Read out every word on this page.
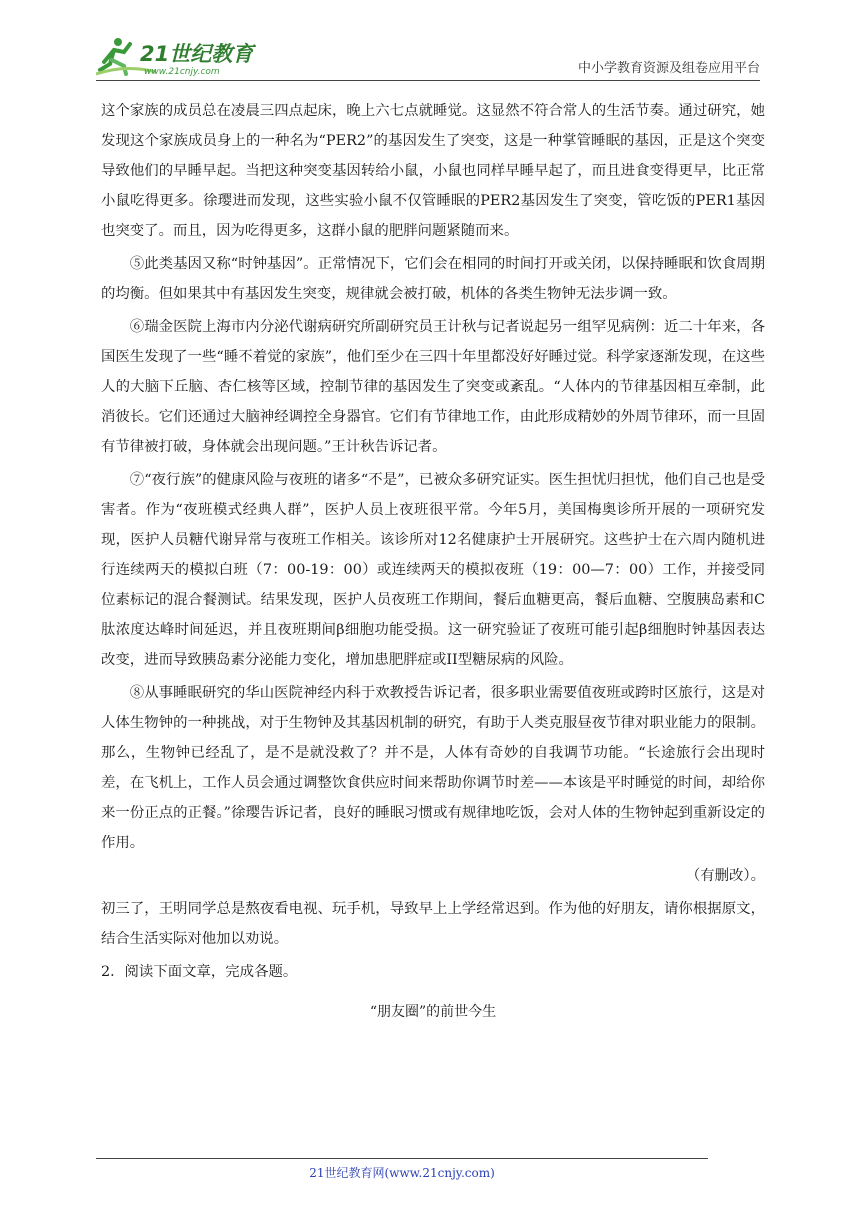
21世纪教育
www.21cnjy.com	中小学教育资源及组卷应用平台

这个家族的成员总在凌晨三四点起床，晚上六七点就睡觉。这显然不符合常人的生活节奏。通过研究，她发现这个家族成员身上的一种名为“PER2”的基因发生了突变，这是一种掌管睡眠的基因，正是这个突变导致他们的早睡早起。当把这种突变基因转给小鼠，小鼠也同样早睡早起了，而且进食变得更早，比正常小鼠吃得更多。徐璎进而发现，这些实验小鼠不仅管睡眠的PER2基因发生了突变，管吃饭的PER1基因也突变了。而且，因为吃得更多，这群小鼠的肥胖问题紧随而来。

⑤此类基因又称“时钟基因”。正常情况下，它们会在相同的时间打开或关闭，以保持睡眠和饮食周期的均衡。但如果其中有基因发生突变，规律就会被打破，机体的各类生物钟无法步调一致。

⑥瑞金医院上海市内分泌代谢病研究所副研究员王计秋与记者说起另一组罕见病例：近二十年来，各国医生发现了一些“睡不着觉的家族”，他们至少在三四十年里都没好好睡过觉。科学家逐渐发现，在这些人的大脑下丘脑、杏仁核等区域，控制节律的基因发生了突变或紊乱。“人体内的节律基因相互牵制，此消彼长。它们还通过大脑神经调控全身器官。它们有节律地工作，由此形成精妙的外周节律环，而一旦固有节律被打破，身体就会出现问题。”王计秋告诉记者。

⑦“夜行族”的健康风险与夜班的诸多“不是”，已被众多研究证实。医生担忧归担忧，他们自己也是受害者。作为“夜班模式经典人群”，医护人员上夜班很平常。今年5月，美国梅奥诊所开展的一项研究发现，医护人员糖代谢异常与夜班工作相关。该诊所对12名健康护士开展研究。这些护士在六周内随机进行连续两天的模拟白班（7：00-19：00）或连续两天的模拟夜班（19：00—7：00）工作，并接受同位素标记的混合餐测试。结果发现，医护人员夜班工作期间，餐后血糖更高，餐后血糖、空腹胰岛素和C肽浓度达峰时间延迟，并且夜班期间β细胞功能受损。这一研究验证了夜班可能引起β细胞时钟基因表达改变，进而导致胰岛素分泌能力变化，增加患肥胖症或II型糖尿病的风险。

⑧从事睡眠研究的华山医院神经内科于欢教授告诉记者，很多职业需要值夜班或跨时区旅行，这是对人体生物钟的一种挑战，对于生物钟及其基因机制的研究，有助于人类克服昼夜节律对职业能力的限制。那么，生物钟已经乱了，是不是就没救了？并不是，人体有奇妙的自我调节功能。“长途旅行会出现时差，在飞机上，工作人员会通过调整饮食供应时间来帮助你调节时差——本该是平时睡觉的时间，却给你来一份正点的正餐。”徐璎告诉记者，良好的睡眠习惯或有规律地吃饭，会对人体的生物钟起到重新设定的作用。

（有删改）。

初三了，王明同学总是熬夜看电视、玩手机，导致早上上学经常迟到。作为他的好朋友，请你根据原文，结合生活实际对他加以劝说。

2．阅读下面文章，完成各题。

“朋友圈”的前世今生

21世纪教育网(www.21cnjy.com)
